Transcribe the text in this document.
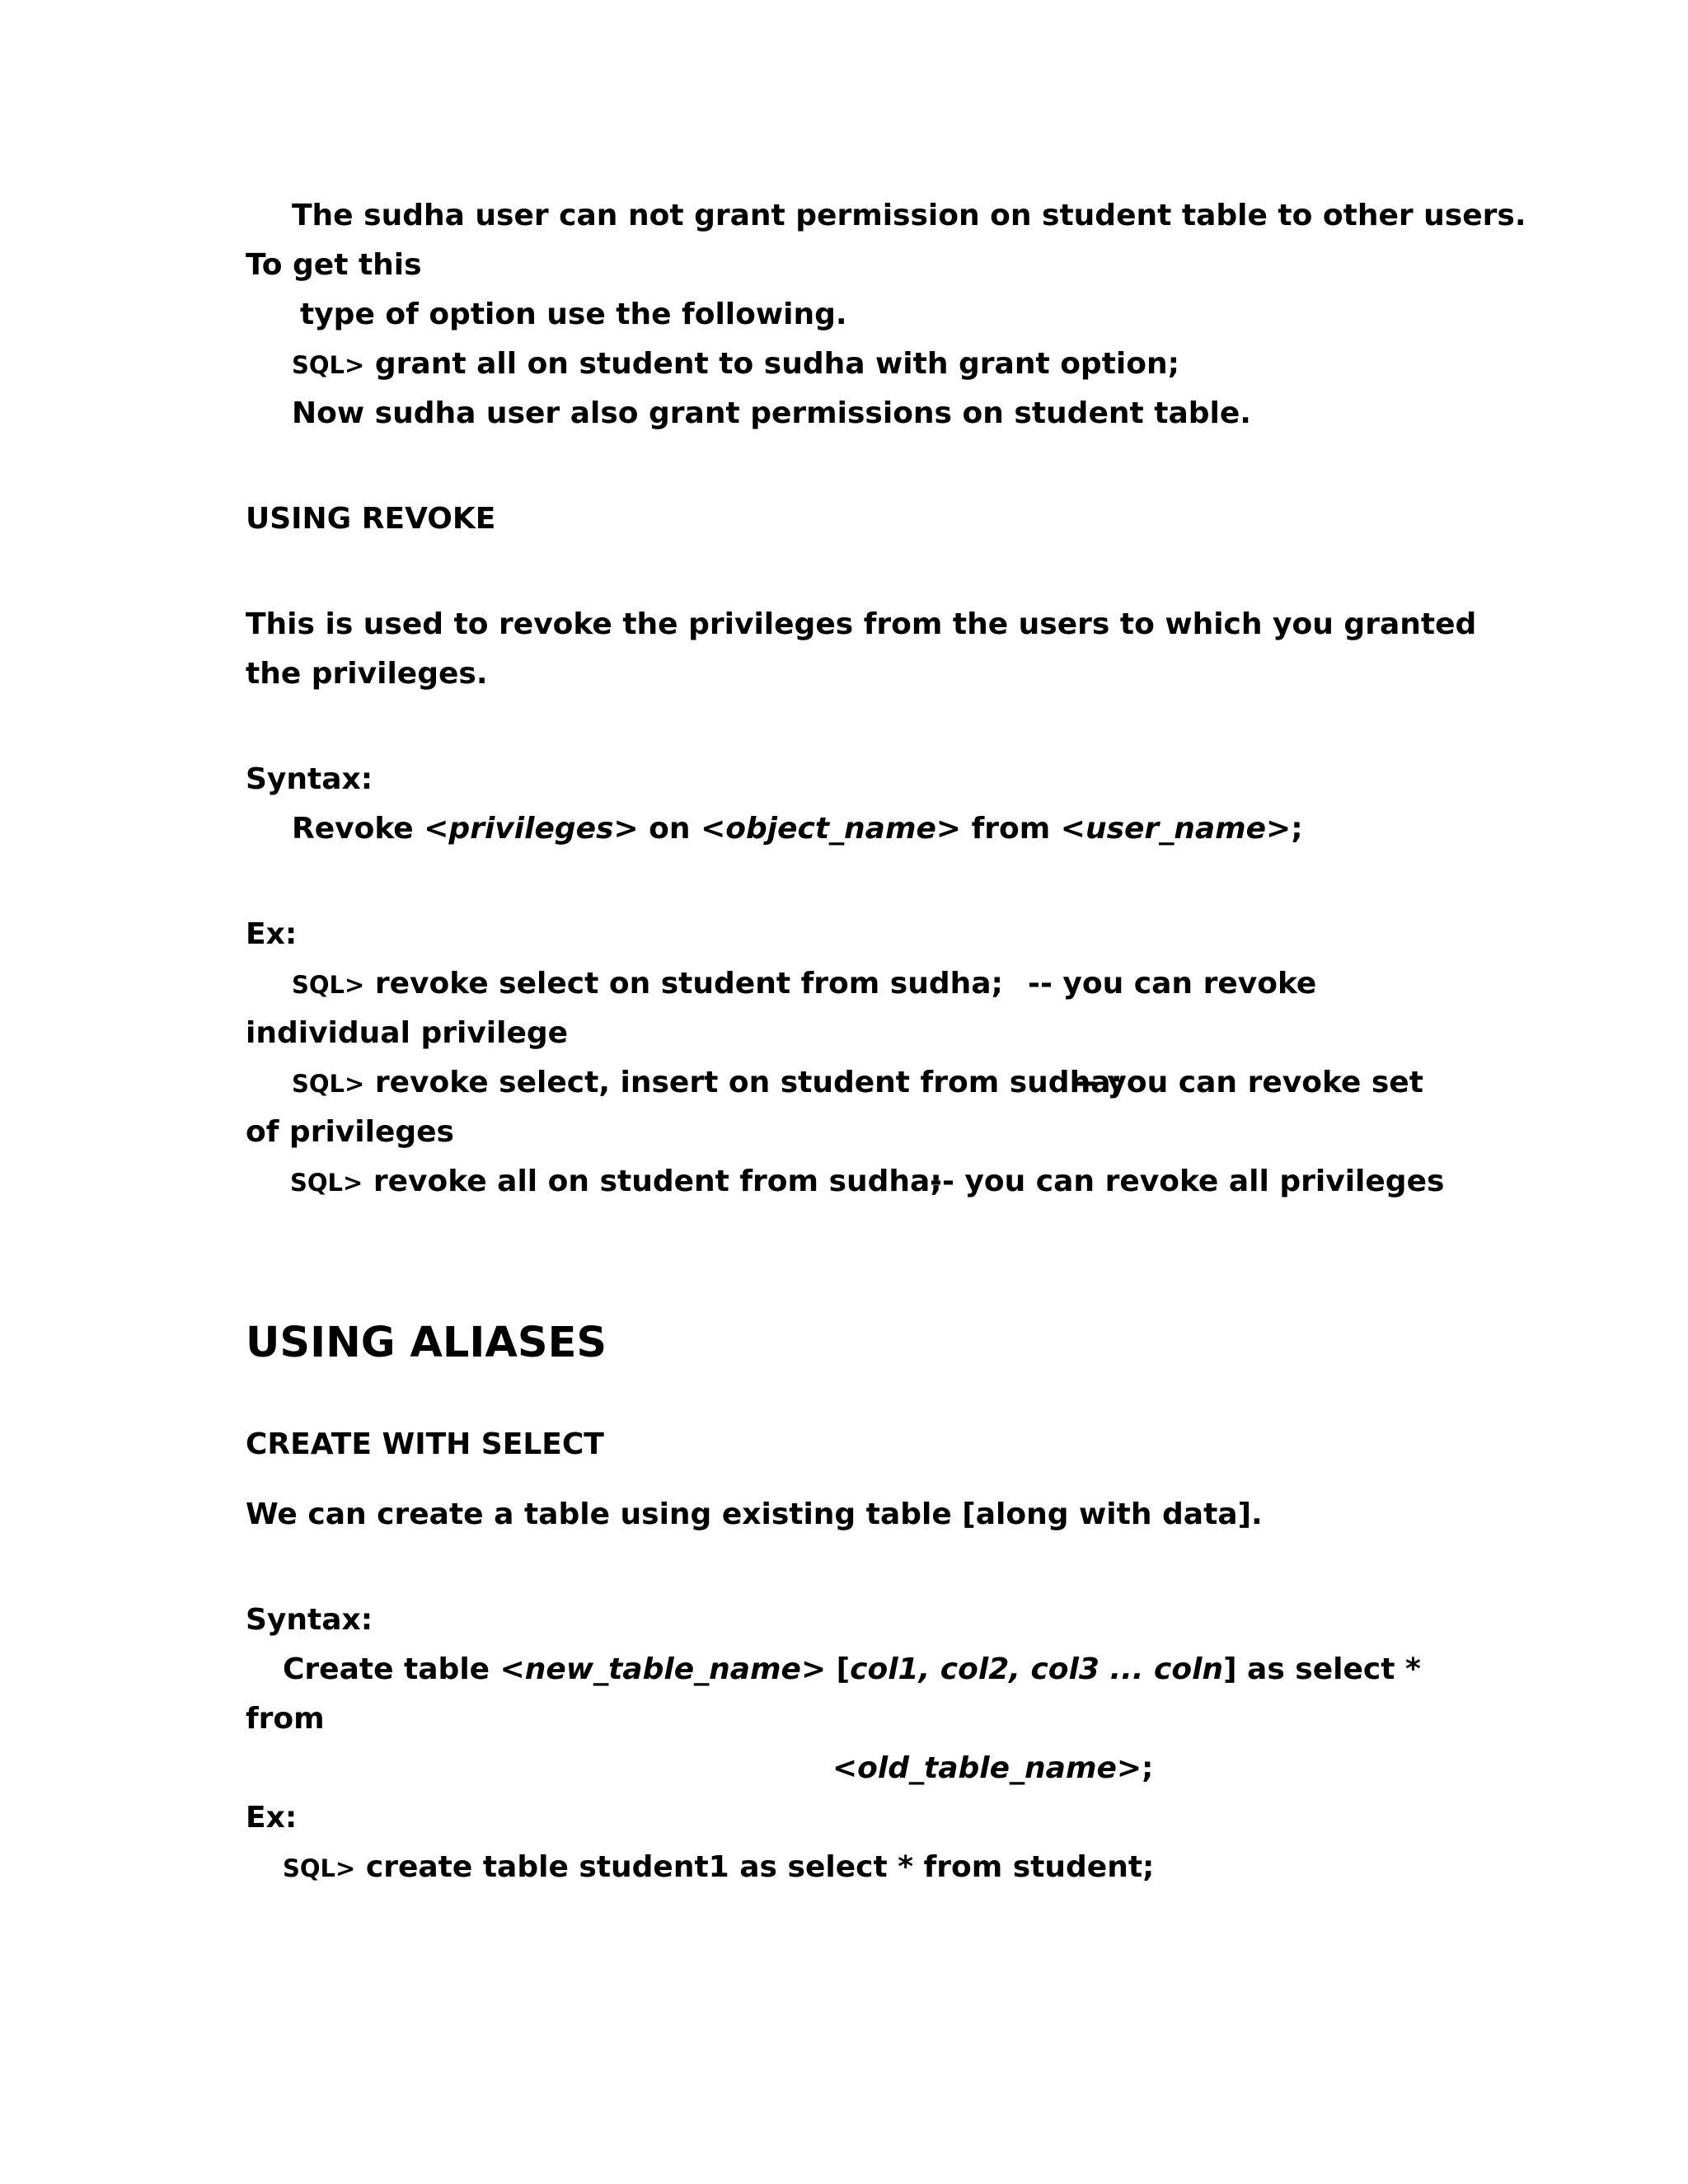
The sudha user can not grant permission on student table to other users.
To get this
type of option use the following.
SQL> grant all on student to sudha with grant option;
Now sudha user also grant permissions on student table.
USING REVOKE
This is used to revoke the privileges from the users to which you granted
the privileges.
Syntax:
Revoke <privileges> on <object_name> from <user_name>;
Ex:
SQL> revoke select on student from sudha; -- you can revoke
individual privilege
SQL> revoke select, insert on student from sudha;
-- you can revoke set
of privileges
SQL> revoke all on student from sudha;
-- you can revoke all privileges
USING ALIASES
CREATE WITH SELECT
We can create a table using existing table [along with data].
Syntax:
Create table <new_table_name> [col1, col2, col3 ... coln] as select *
from
<old_table_name>;
Ex:
SQL> create table student1 as select * from student;
